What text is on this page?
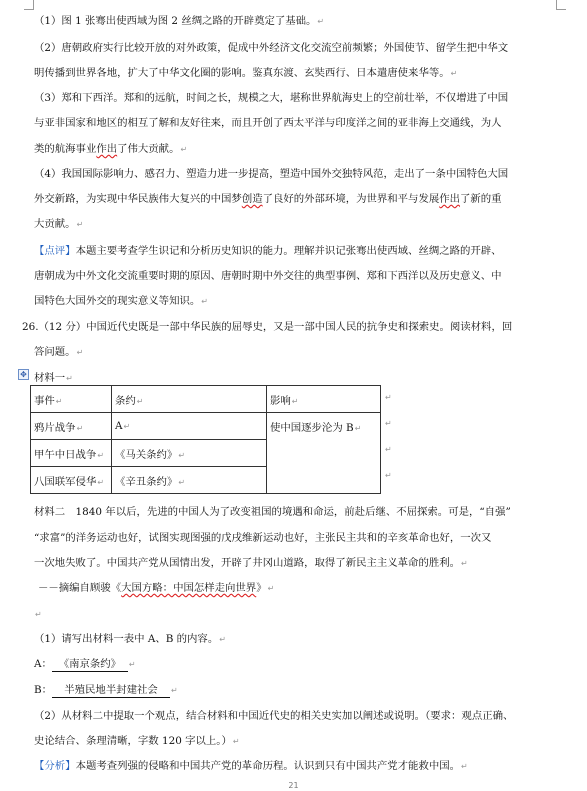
（1）图 1 张骞出使西域为图 2 丝绸之路的开辟奠定了基础。↵
（2）唐朝政府实行比较开放的对外政策，促成中外经济文化交流空前频繁；外国使节、留学生把中华文
明传播到世界各地，扩大了中华文化圈的影响。鉴真东渡、玄奘西行、日本遣唐使来华等。↵
（3）郑和下西洋。郑和的远航，时间之长，规模之大，堪称世界航海史上的空前壮举，不仅增进了中国
与亚非国家和地区的相互了解和友好往来，而且开创了西太平洋与印度洋之间的亚非海上交通线，为人
（4）我国国际影响力、感召力、塑造力进一步提高，塑造中国外交独特风范，走出了一条中国特色大国
【点评】本题主要考查学生识记和分析历史知识的能力。理解并识记张骞出使西域、丝绸之路的开辟、
唐朝成为中外文化交流重要时期的原因、唐朝时期中外交往的典型事例、郑和下西洋以及历史意义、中
国特色大国外交的现实意义等知识。↵
26.（12 分）中国近代史既是一部中华民族的屈辱史，又是一部中国人民的抗争史和探索史。阅读材料，回
答问题。↵
材料一↵
材料二　1840 年以后，先进的中国人为了改变祖国的境遇和命运，前赴后继、不屈探索。可是，“自强”
“求富”的洋务运动也好，试图实现图强的戊戌维新运动也好，主张民主共和的辛亥革命也好，一次又
一次地失败了。中国共产党从国情出发，开辟了井冈山道路，取得了新民主主义革命的胜利。↵
（1）请写出材料一表中 A、B 的内容。↵
（2）从材料二中提取一个观点，结合材料和中国近代史的相关史实加以阐述或说明。（要求：观点正确、
史论结合、条理清晰，字数 120 字以上。）↵
类的航海事业作出了伟大贡献。↵
外交新路，为实现中华民族伟大复兴的中国梦创造了良好的外部环境，为世界和平与发展作出了新的重
大贡献。↵
✥
事件↵	条约↵	影响↵
鸦片战争↵	A↵	使中国逐步沦为 B↵
甲午中日战争↵	《马关条约》↵	
八国联军侵华↵	《辛丑条约》↵	
↵
↵
↵
↵
－－摘编自顾骏《大国方略：中国怎样走向世界》↵
↵
A： 《南京条约》 ↵
B： 半殖民地半封建社会 ↵
【分析】本题考查列强的侵略和中国共产党的革命历程。认识到只有中国共产党才能救中国。↵
21
